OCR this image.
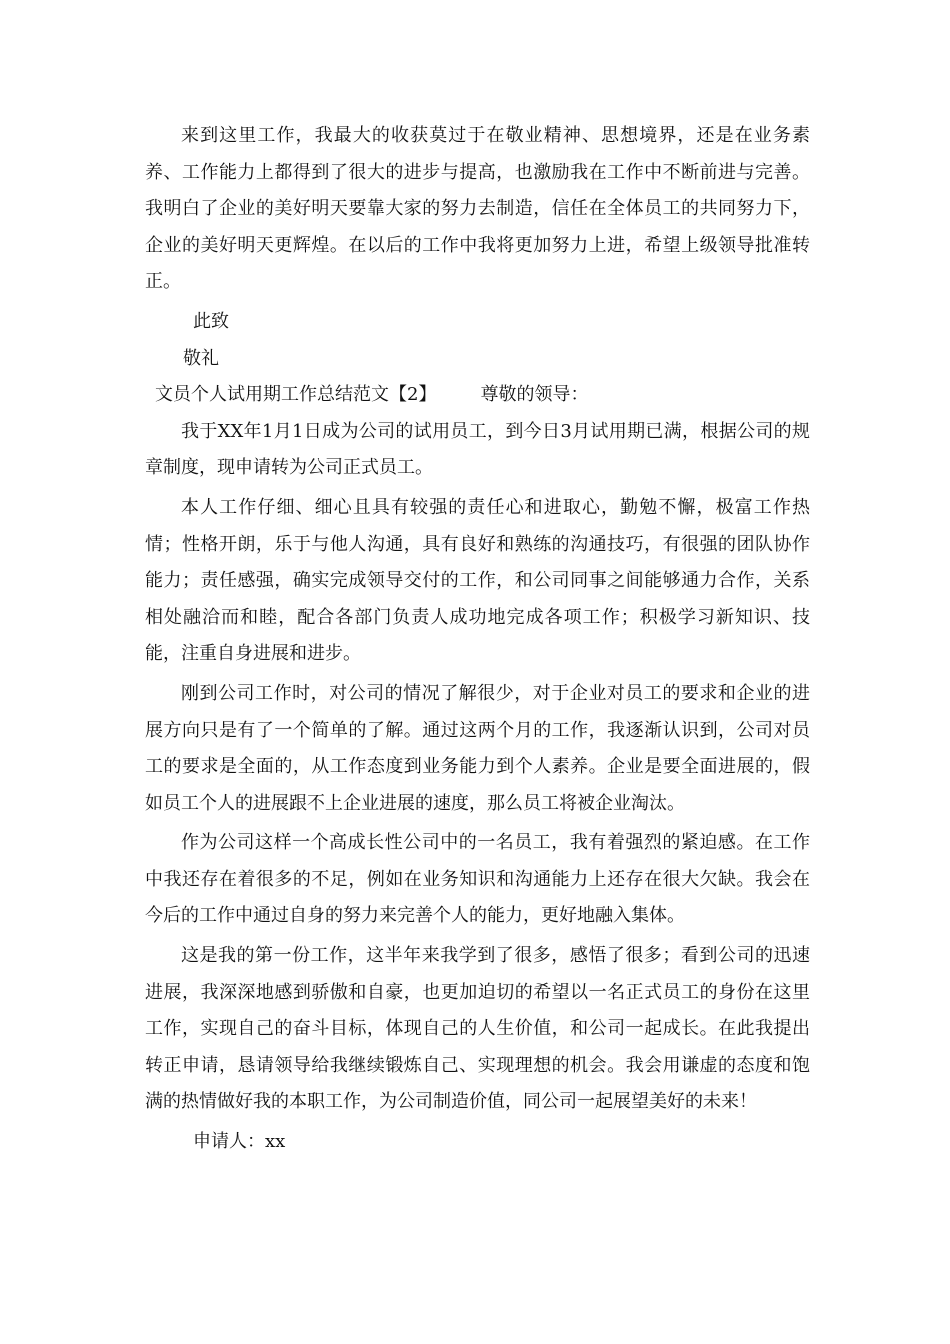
来到这里工作，我最大的收获莫过于在敬业精神、思想境界，还是在业务素养、工作能力上都得到了很大的进步与提高，也激励我在工作中不断前进与完善。我明白了企业的美好明天要靠大家的努力去制造，信任在全体员工的共同努力下，企业的美好明天更辉煌。在以后的工作中我将更加努力上进，希望上级领导批准转正。

此致

敬礼

文员个人试用期工作总结范文【2】 尊敬的领导：

我于XX年1月1日成为公司的试用员工，到今日3月试用期已满，根据公司的规章制度，现申请转为公司正式员工。

本人工作仔细、细心且具有较强的责任心和进取心，勤勉不懈，极富工作热情；性格开朗，乐于与他人沟通，具有良好和熟练的沟通技巧，有很强的团队协作能力；责任感强，确实完成领导交付的工作，和公司同事之间能够通力合作，关系相处融洽而和睦，配合各部门负责人成功地完成各项工作；积极学习新知识、技能，注重自身进展和进步。

刚到公司工作时，对公司的情况了解很少，对于企业对员工的要求和企业的进展方向只是有了一个简单的了解。通过这两个月的工作，我逐渐认识到，公司对员工的要求是全面的，从工作态度到业务能力到个人素养。企业是要全面进展的，假如员工个人的进展跟不上企业进展的速度，那么员工将被企业淘汰。

作为公司这样一个高成长性公司中的一名员工，我有着强烈的紧迫感。在工作中我还存在着很多的不足，例如在业务知识和沟通能力上还存在很大欠缺。我会在今后的工作中通过自身的努力来完善个人的能力，更好地融入集体。

这是我的第一份工作，这半年来我学到了很多，感悟了很多；看到公司的迅速进展，我深深地感到骄傲和自豪，也更加迫切的希望以一名正式员工的身份在这里工作，实现自己的奋斗目标，体现自己的人生价值，和公司一起成长。在此我提出转正申请，恳请领导给我继续锻炼自己、实现理想的机会。我会用谦虚的态度和饱满的热情做好我的本职工作，为公司制造价值，同公司一起展望美好的未来！

申请人：xx
